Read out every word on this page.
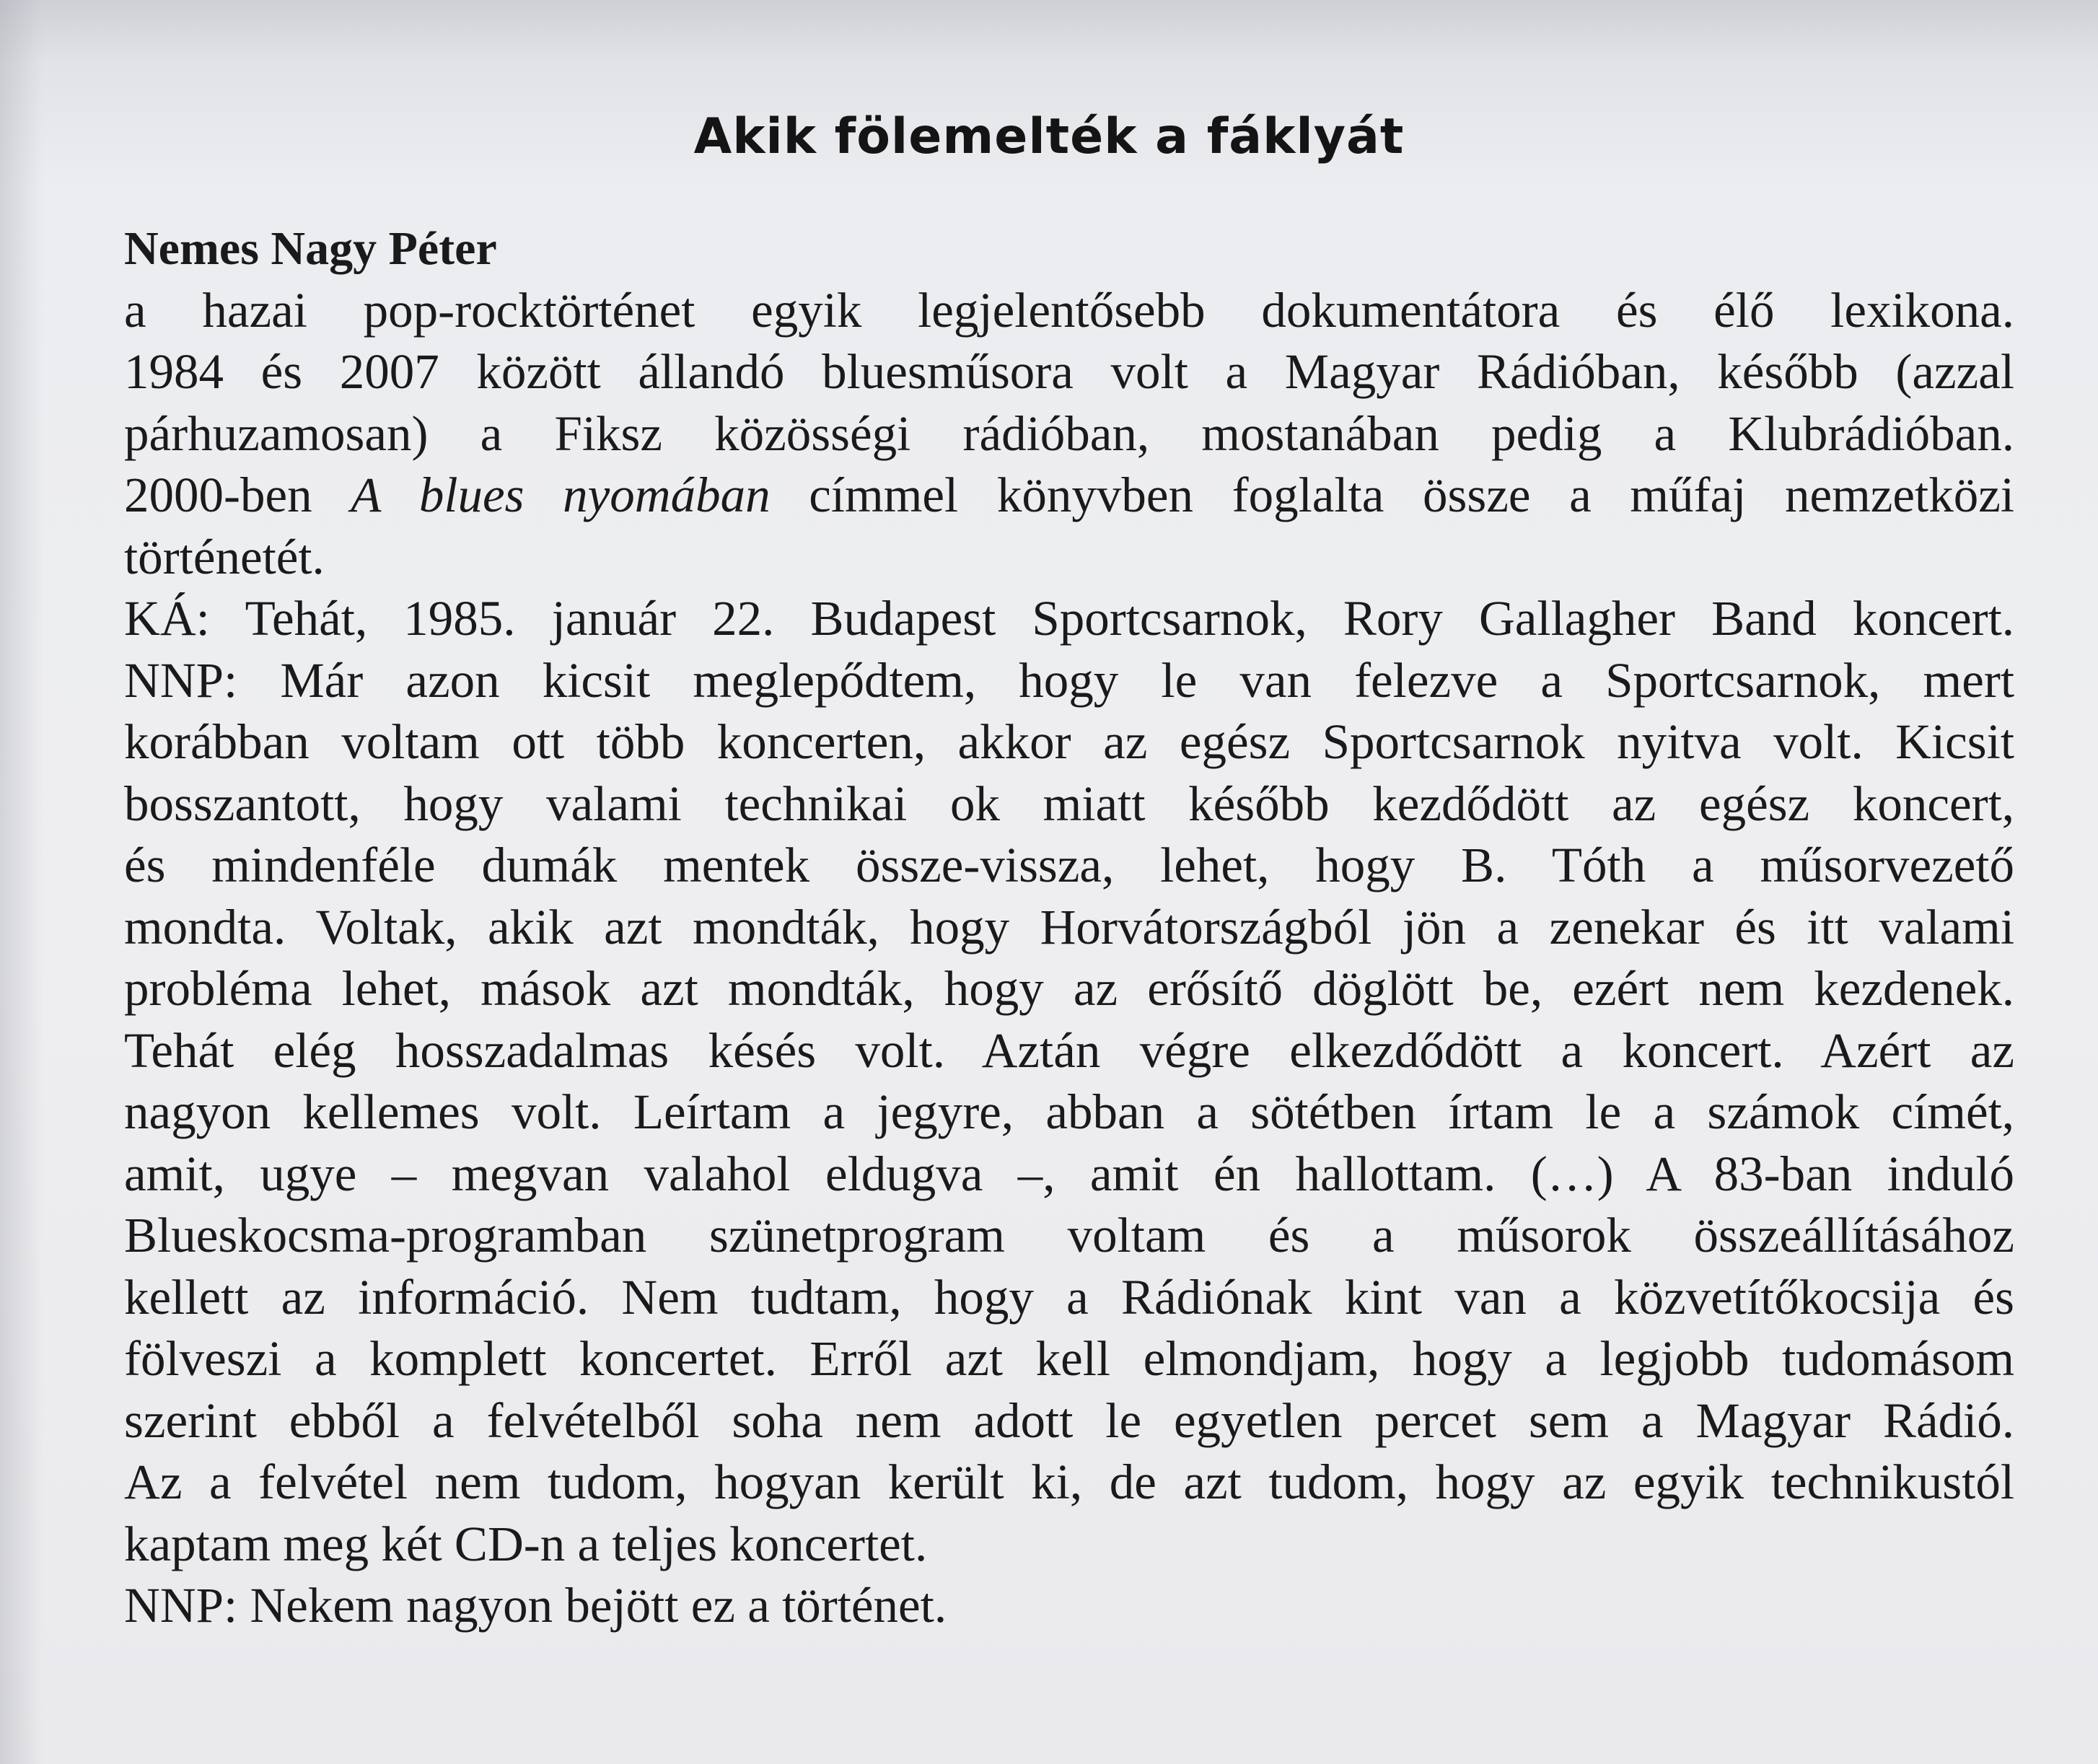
Akik fölemelték a fáklyát

Nemes Nagy Péter

a hazai pop-rocktörténet egyik legjelentősebb dokumentátora és élő lexikona.
1984 és 2007 között állandó bluesműsora volt a Magyar Rádióban, később (azzal
párhuzamosan) a Fiksz közösségi rádióban, mostanában pedig a Klubrádióban.
2000-ben A blues nyomában címmel könyvben foglalta össze a műfaj nemzetközi
történetét.
KÁ: Tehát, 1985. január 22. Budapest Sportcsarnok, Rory Gallagher Band koncert.
NNP: Már azon kicsit meglepődtem, hogy le van felezve a Sportcsarnok, mert
korábban voltam ott több koncerten, akkor az egész Sportcsarnok nyitva volt. Kicsit
bosszantott, hogy valami technikai ok miatt később kezdődött az egész koncert,
és mindenféle dumák mentek össze-vissza, lehet, hogy B. Tóth a műsorvezető
mondta. Voltak, akik azt mondták, hogy Horvátországból jön a zenekar és itt valami
probléma lehet, mások azt mondták, hogy az erősítő döglött be, ezért nem kezdenek.
Tehát elég hosszadalmas késés volt. Aztán végre elkezdődött a koncert. Azért az
nagyon kellemes volt. Leírtam a jegyre, abban a sötétben írtam le a számok címét,
amit, ugye – megvan valahol eldugva –, amit én hallottam. (…) A 83-ban induló
Blueskocsma-programban szünetprogram voltam és a műsorok összeállításához
kellett az információ. Nem tudtam, hogy a Rádiónak kint van a közvetítőkocsija és
fölveszi a komplett koncertet. Erről azt kell elmondjam, hogy a legjobb tudomásom
szerint ebből a felvételből soha nem adott le egyetlen percet sem a Magyar Rádió.
Az a felvétel nem tudom, hogyan került ki, de azt tudom, hogy az egyik technikustól
kaptam meg két CD-n a teljes koncertet.
NNP: Nekem nagyon bejött ez a történet.
